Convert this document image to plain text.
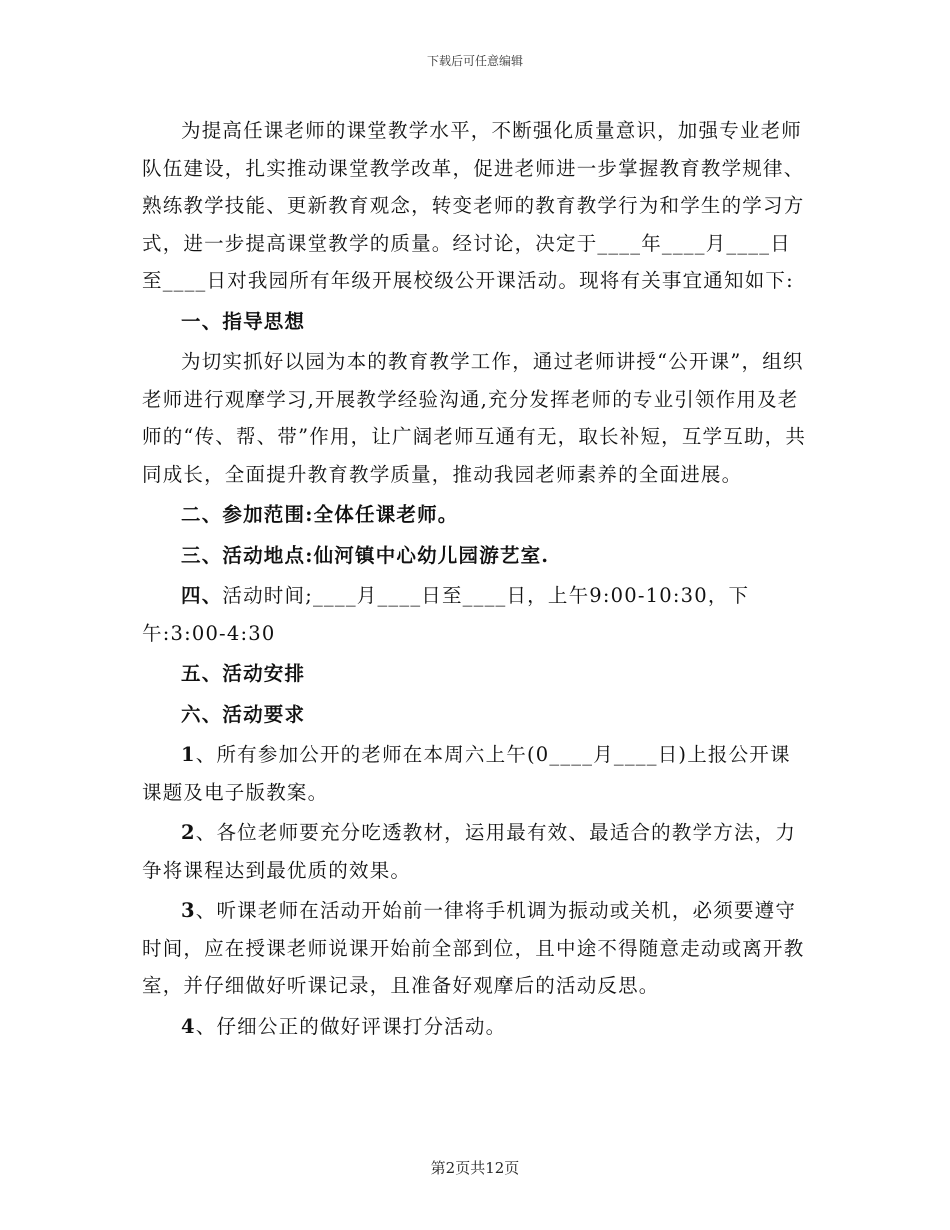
下载后可任意编辑

为提高任课老师的课堂教学水平，不断强化质量意识，加强专业老师队伍建设，扎实推动课堂教学改革，促进老师进一步掌握教育教学规律、熟练教学技能、更新教育观念，转变老师的教育教学行为和学生的学习方式，进一步提高课堂教学的质量。经讨论，决定于____年____月____日至____日对我园所有年级开展校级公开课活动。现将有关事宜通知如下:

一、指导思想

为切实抓好以园为本的教育教学工作，通过老师讲授“公开课”，组织老师进行观摩学习,开展教学经验沟通,充分发挥老师的专业引领作用及老师的“传、帮、带”作用，让广阔老师互通有无，取长补短，互学互助，共同成长，全面提升教育教学质量，推动我园老师素养的全面进展。

二、参加范围:全体任课老师。

三、活动地点:仙河镇中心幼儿园游艺室.

四、活动时间;____月____日至____日，上午9:00-10:30，下午:3:00-4:30

五、活动安排

六、活动要求

1、所有参加公开的老师在本周六上午(0____月____日)上报公开课课题及电子版教案。

2、各位老师要充分吃透教材，运用最有效、最适合的教学方法，力争将课程达到最优质的效果。

3、听课老师在活动开始前一律将手机调为振动或关机，必须要遵守时间，应在授课老师说课开始前全部到位，且中途不得随意走动或离开教室，并仔细做好听课记录，且准备好观摩后的活动反思。

4、仔细公正的做好评课打分活动。

第2页共12页
